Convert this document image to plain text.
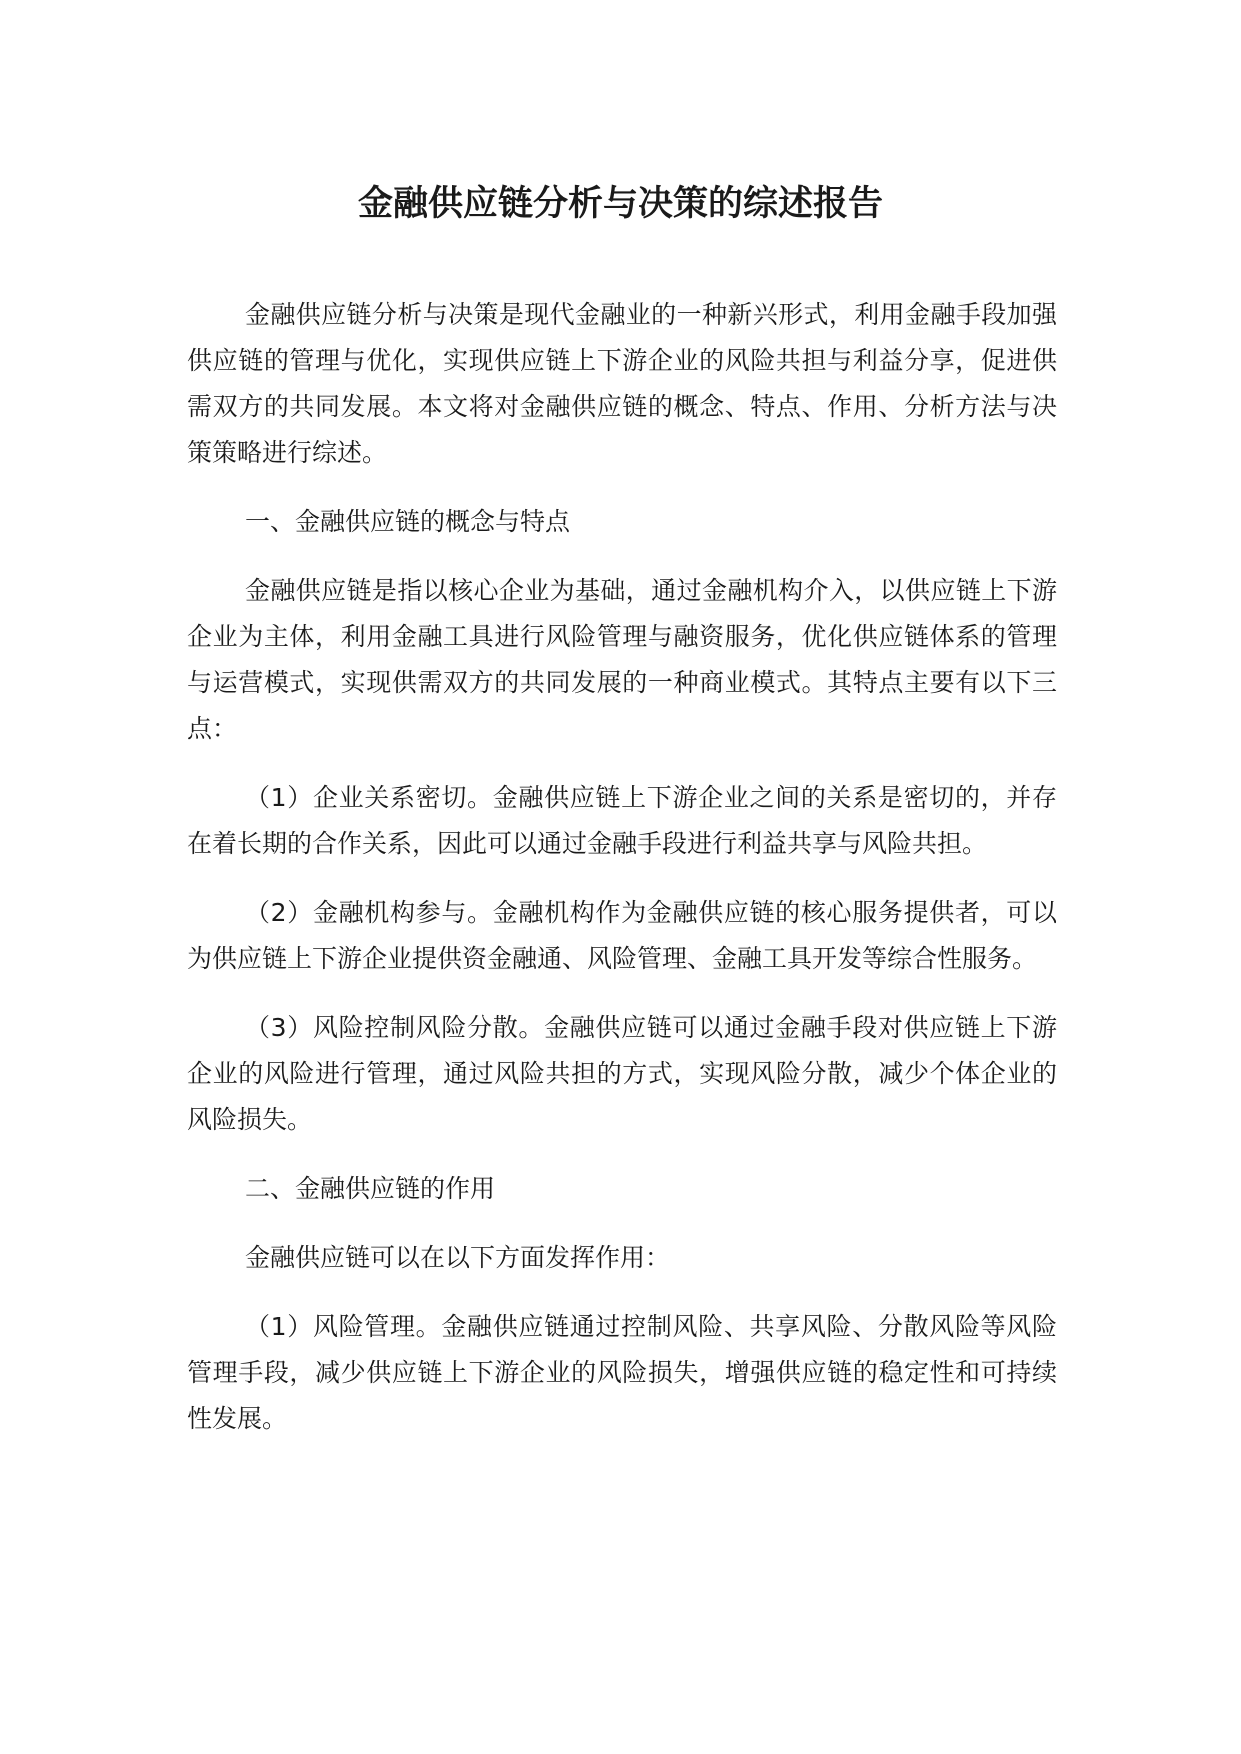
金融供应链分析与决策的综述报告

金融供应链分析与决策是现代金融业的一种新兴形式，利用金融手段加强供应链的管理与优化，实现供应链上下游企业的风险共担与利益分享，促进供需双方的共同发展。本文将对金融供应链的概念、特点、作用、分析方法与决策策略进行综述。

一、金融供应链的概念与特点

金融供应链是指以核心企业为基础，通过金融机构介入，以供应链上下游企业为主体，利用金融工具进行风险管理与融资服务，优化供应链体系的管理与运营模式，实现供需双方的共同发展的一种商业模式。其特点主要有以下三点：

（1）企业关系密切。金融供应链上下游企业之间的关系是密切的，并存在着长期的合作关系，因此可以通过金融手段进行利益共享与风险共担。

（2）金融机构参与。金融机构作为金融供应链的核心服务提供者，可以为供应链上下游企业提供资金融通、风险管理、金融工具开发等综合性服务。

（3）风险控制风险分散。金融供应链可以通过金融手段对供应链上下游企业的风险进行管理，通过风险共担的方式，实现风险分散，减少个体企业的风险损失。

二、金融供应链的作用

金融供应链可以在以下方面发挥作用：

（1）风险管理。金融供应链通过控制风险、共享风险、分散风险等风险管理手段，减少供应链上下游企业的风险损失，增强供应链的稳定性和可持续性发展。
